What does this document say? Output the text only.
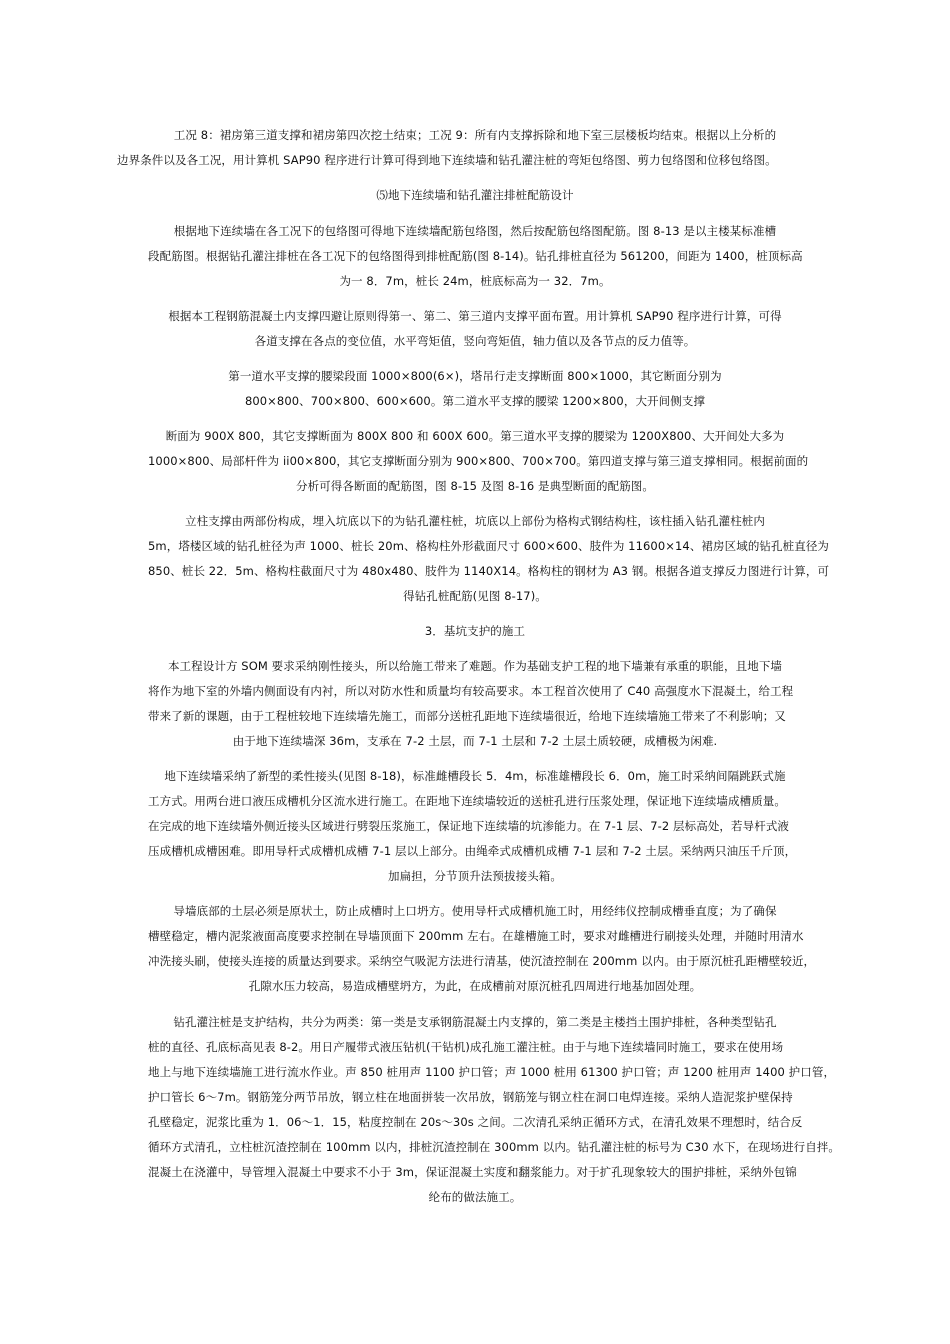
工况 8：裙房第三道支撑和裙房第四次挖土结束；工况 9：所有内支撑拆除和地下室三层楼板均结束。根据以上分析的
边界条件以及各工况，用计算机 SAP90 程序进行计算可得到地下连续墙和钻孔灌注桩的弯矩包络图、剪力包络图和位移包络图。
⑸地下连续墙和钻孔灌注排桩配筋设计
根据地下连续墙在各工况下的包络图可得地下连续墙配筋包络图，然后按配筋包络图配筋。图 8-13 是以主楼某标准槽
段配筋图。根据钻孔灌注排桩在各工况下的包络图得到排桩配筋(图 8-14)。钻孔排桩直径为 561200，间距为 1400，桩顶标高
为一 8．7m，桩长 24m，桩底标高为一 32．7m。
根据本工程钢筋混凝土内支撑四避让原则得第一、第二、第三道内支撑平面布置。用计算机 SAP90 程序进行计算，可得
各道支撑在各点的变位值，水平弯矩值，竖向弯矩值，轴力值以及各节点的反力值等。
第一道水平支撑的腰梁段面 1000×800(6×)，塔吊行走支撑断面 800×1000，其它断面分别为
800×800、700×800、600×600。第二道水平支撑的腰梁 1200×800，大开间侧支撑
断面为 900X 800，其它支撑断面为 800X 800 和 600X 600。第三道水平支撑的腰梁为 1200X800、大开间处大多为
1000×800、局部杆件为 ii00×800，其它支撑断面分别为 900×800、700×700。第四道支撑与第三道支撑相同。根据前面的
分析可得各断面的配筋图，图 8-15 及图 8-16 是典型断面的配筋图。
立柱支撑由两部份构成，埋入坑底以下的为钻孔灌柱桩，坑底以上部份为格构式钢结构柱，该柱插入钻孔灌柱桩内
5m，塔楼区域的钻孔桩径为声 1000、桩长 20m、格构柱外形截面尺寸 600×600、肢件为 11600×14、裙房区域的钻孔桩直径为
850、桩长 22．5m、格构柱截面尺寸为 480x480、肢件为 1140X14。格构柱的钢材为 A3 钢。根据各道支撑反力图进行计算，可
得钻孔桩配筋(见图 8-17)。
3．基坑支护的施工
本工程设计方 SOM 要求采纳刚性接头，所以给施工带来了难题。作为基础支护工程的地下墙兼有承重的职能，且地下墙
将作为地下室的外墙内侧面设有内衬，所以对防水性和质量均有较高要求。本工程首次使用了 C40 高强度水下混凝土，给工程
带来了新的课题，由于工程桩较地下连续墙先施工，而部分送桩孔距地下连续墙很近，给地下连续墙施工带来了不利影响；又
由于地下连续墙深 36m，支承在 7-2 土层，而 7-1 土层和 7-2 土层土质较硬，成槽极为闲难.
地下连续墙采纳了新型的柔性接头(见图 8-18)，标准雌槽段长 5．4m，标准雄槽段长 6．0m，施工时采纳间隔跳跃式施
工方式。用两台进口液压成槽机分区流水进行施工。在距地下连续墙较近的送桩孔进行压浆处理，保证地下连续墙成槽质量。
在完成的地下连续墙外侧近接头区域进行劈裂压浆施工，保证地下连续墙的坑渗能力。在 7-1 层、7-2 层标高处，若导杆式液
压成槽机成槽困难。即用导杆式成槽机成槽 7-1 层以上部分。由绳牵式成槽机成槽 7-1 层和 7-2 土层。采纳两只油压千斤顶，
加扁担，分节顶升法预拔接头箱。
导墙底部的土层必须是原状土，防止成槽时上口坍方。使用导杆式成槽机施工时，用经纬仪控制成槽垂直度；为了确保
槽壁稳定，槽内泥浆液面高度要求控制在导墙顶面下 200mm 左右。在雄槽施工时，要求对雌槽进行刷接头处理，并随时用清水
冲洗接头刷，使接头连接的质量达到要求。采纳空气吸泥方法进行清基，使沉渣控制在 200mm 以内。由于原沉桩孔距槽壁较近，
孔隙水压力较高，易造成槽壁坍方，为此，在成槽前对原沉桩孔四周进行地基加固处理。
钻孔灌注桩是支护结构，共分为两类：第一类是支承钢筋混凝土内支撑的，第二类是主楼挡土围护排桩，各种类型钻孔
桩的直径、孔底标高见表 8-2。用日产履带式液压钻机(干钻机)成孔施工灌注桩。由于与地下连续墙同时施工，要求在使用场
地上与地下连续墙施工进行流水作业。声 850 桩用声 1100 护口管；声 1000 桩用 61300 护口管；声 1200 桩用声 1400 护口管，
护口管长 6～7m。钢筋笼分两节吊放，钢立柱在地面拼装一次吊放，钢筋笼与钢立柱在洞口电焊连接。采纳人造泥浆护壁保持
孔壁稳定，泥浆比重为 1．06～1．15，粘度控制在 20s～30s 之间。二次清孔采纳正循环方式，在清孔效果不理想时，结合反
循环方式清孔，立柱桩沉渣控制在 100mm 以内，排桩沉渣控制在 300mm 以内。钻孔灌注桩的标号为 C30 水下，在现场进行自拌。
混凝土在浇灌中，导管埋入混凝土中要求不小于 3m，保证混凝土实度和翻浆能力。对于扩孔现象较大的围护排桩，采纳外包锦
纶布的做法施工。
